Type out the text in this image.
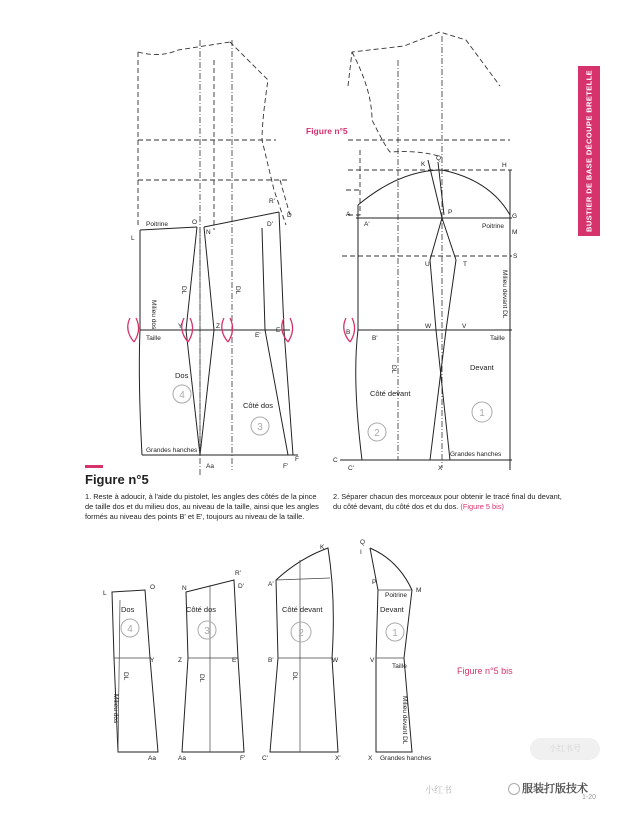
L
O
N
R'
D
D'
Y	Z
E'
E
Aa	F'
F
Poitrine
Taille
Milieu dos
DL	DL
Dos
4
Côté dos
3
Grandes hanches
K
Q
H
A
A'
P
G
M
U	T
S
B
B'
W	V
C
C'	X
Poitrine
Taille
Milieu devant DL
DL
Côté devant
2
Devant
1
Grandes hanches
L
O
Dos
4
Y
DL
Milieu dos
Aa
N
R'
D'
Côté dos
3
Z	E'
DL
Aa	F'
K
A'
Côté devant
2
B'	W
DL
C'	X'
Q
I
P
M
Poitrine
Devant
1
V
Taille
Milieu devant DL
X Grandes hanches
BUSTIER DE BASE DÉCOUPE BRETELLE
Figure n°5
Figure n°5
Figure n°5 bis
1. Reste à adoucir, à l'aide du pistolet, les angles des côtés de la pince de taille dos et du milieu dos, au niveau de la taille, ainsi que les angles formés au niveau des points B' et E', toujours au niveau de la taille.
2. Séparer chacun des morceaux pour obtenir le tracé final du devant, du côté devant, du côté dos et du dos. (Figure 5 bis)
小红书号
小红书	服装打版技术
1-20
